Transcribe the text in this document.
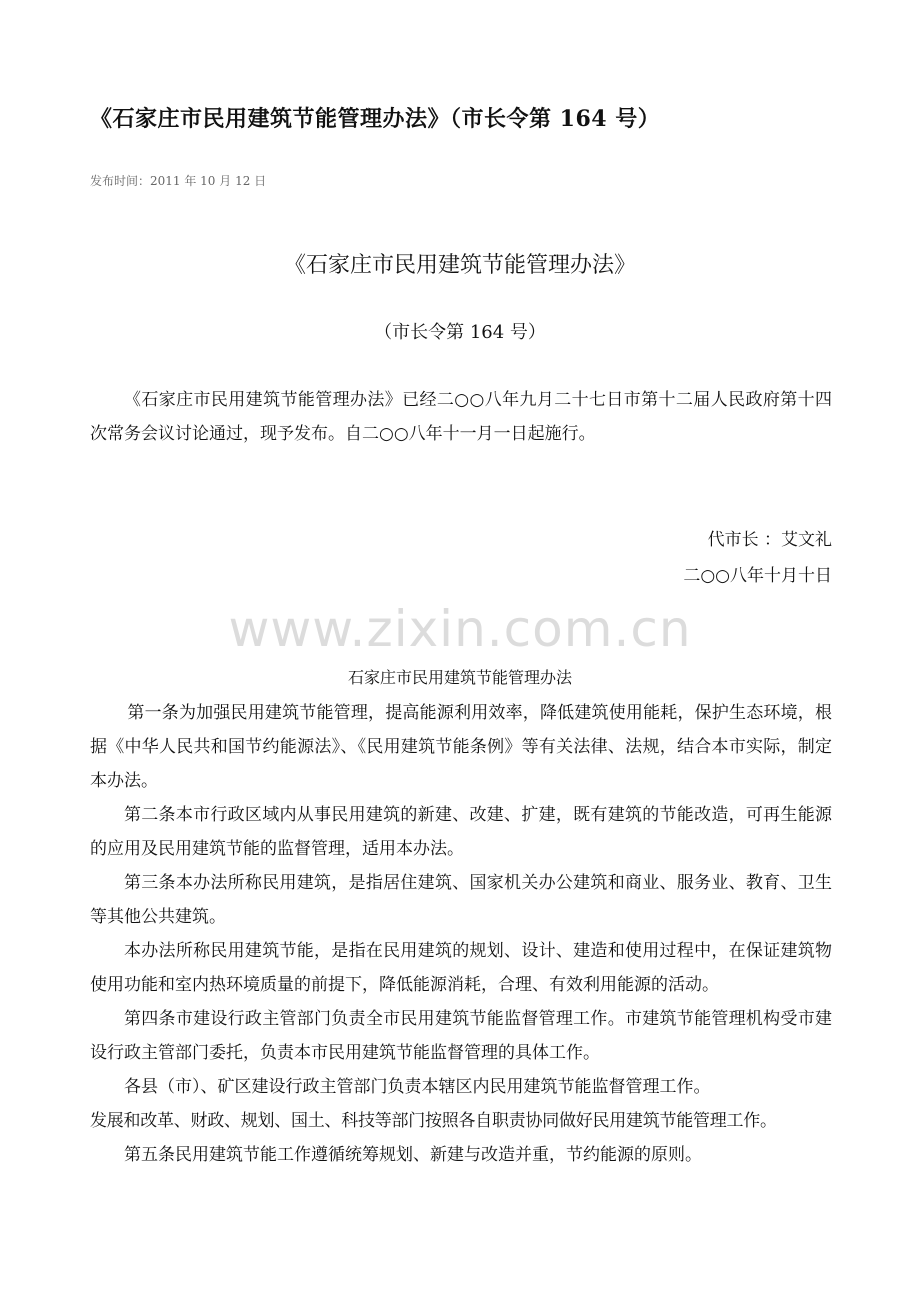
《石家庄市民用建筑节能管理办法》（市长令第 164 号）
发布时间：2011 年 10 月 12 日
《石家庄市民用建筑节能管理办法》
（市长令第 164 号）
《石家庄市民用建筑节能管理办法》已经二○○八年九月二十七日市第十二届人民政府第十四次常务会议讨论通过，现予发布。自二○○八年十一月一日起施行。
代市长 ：艾文礼
二○○八年十月十日
www.zixin.com.cn
石家庄市民用建筑节能管理办法

第一条为加强民用建筑节能管理，提高能源利用效率，降低建筑使用能耗，保护生态环境，根据《中华人民共和国节约能源法》、《民用建筑节能条例》等有关法律、法规，结合本市实际，制定本办法。

第二条本市行政区域内从事民用建筑的新建、改建、扩建，既有建筑的节能改造，可再生能源的应用及民用建筑节能的监督管理，适用本办法。

第三条本办法所称民用建筑，是指居住建筑、国家机关办公建筑和商业、服务业、教育、卫生等其他公共建筑。

本办法所称民用建筑节能，是指在民用建筑的规划、设计、建造和使用过程中，在保证建筑物使用功能和室内热环境质量的前提下，降低能源消耗，合理、有效利用能源的活动。

第四条市建设行政主管部门负责全市民用建筑节能监督管理工作。市建筑节能管理机构受市建设行政主管部门委托，负责本市民用建筑节能监督管理的具体工作。

各县（市）、矿区建设行政主管部门负责本辖区内民用建筑节能监督管理工作。

发展和改革、财政、规划、国土、科技等部门按照各自职责协同做好民用建筑节能管理工作。

第五条民用建筑节能工作遵循统筹规划、新建与改造并重，节约能源的原则。
